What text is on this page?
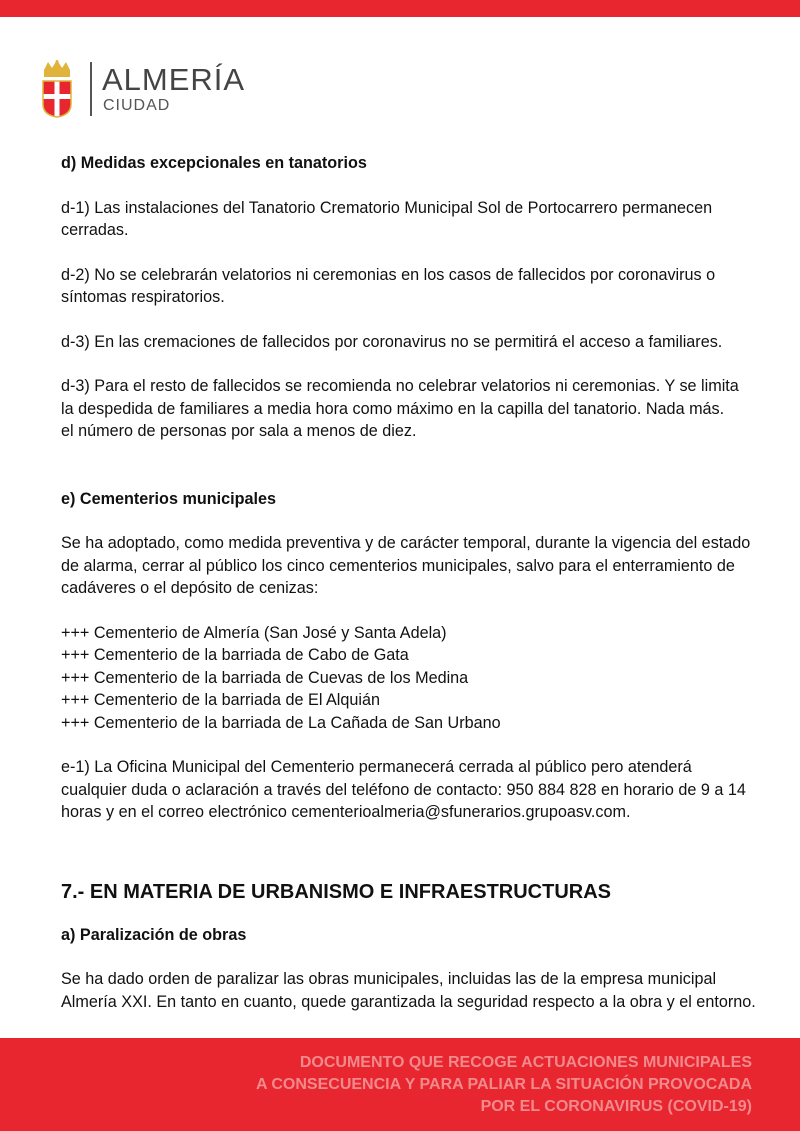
ALMERÍA
CIUDAD

d) Medidas excepcionales en tanatorios

d-1) Las instalaciones del Tanatorio Crematorio Municipal Sol de Portocarrero permanecen cerradas.

d-2) No se celebrarán velatorios ni ceremonias en los casos de fallecidos por coronavirus o síntomas respiratorios.

d-3) En las cremaciones de fallecidos por coronavirus no se permitirá el acceso a familiares.

d-3) Para el resto de fallecidos se recomienda no celebrar velatorios ni ceremonias. Y se limita
la despedida de familiares a media hora como máximo en la capilla del tanatorio. Nada más.
el número de personas por sala a menos de diez.

e) Cementerios municipales

Se ha adoptado, como medida preventiva y de carácter temporal, durante la vigencia del estado de alarma, cerrar al público los cinco cementerios municipales, salvo para el enterramiento de cadáveres o el depósito de cenizas:

+++ Cementerio de Almería (San José y Santa Adela)

+++ Cementerio de la barriada de Cabo de Gata

+++ Cementerio de la barriada de Cuevas de los Medina

+++ Cementerio de la barriada de El Alquián

+++ Cementerio de la barriada de La Cañada de San Urbano

e-1) La Oficina Municipal del Cementerio permanecerá cerrada al público pero atenderá cualquier duda o aclaración a través del teléfono de contacto: 950 884 828 en horario de 9 a 14 horas y en el correo electrónico cementerioalmeria@sfunerarios.grupoasv.com.

7.- EN MATERIA DE URBANISMO E INFRAESTRUCTURAS

a) Paralización de obras

Se ha dado orden de paralizar las obras municipales, incluidas las de la empresa municipal Almería XXI. En tanto en cuanto, quede garantizada la seguridad respecto a la obra y el entorno.

DOCUMENTO QUE RECOGE ACTUACIONES MUNICIPALES
A CONSECUENCIA Y PARA PALIAR LA SITUACIÓN PROVOCADA
POR EL CORONAVIRUS (COVID-19)
